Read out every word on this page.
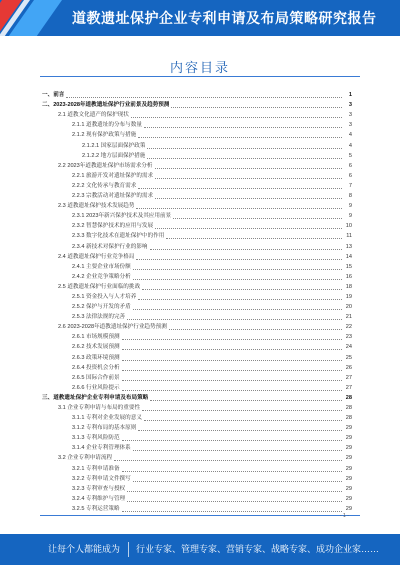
道教遗址保护企业专利申请及布局策略研究报告
内容目录
一、前言	1
二、2023-2028年道教遗址保护行业前景及趋势预测	3
2.1 道教文化遗产的保护现状	3
2.1.1 道教遗址的分布与数量	3
2.1.2 现有保护政策与措施	4
2.1.2.1 国家层面保护政策	4
2.1.2.2 地方层面保护措施	5
2.2 2023年道教遗址保护市场需求分析	6
2.2.1 旅游开发对遗址保护的需求	6
2.2.2 文化传承与教育需求	7
2.2.3 宗教活动对遗址保护的需求	8
2.3 道教遗址保护技术发展趋势	9
2.3.1 2023年新兴保护技术及其应用前景	9
2.3.2 智慧保护技术的应用与发展	10
2.3.3 数字化技术在遗址保护中的作用	11
2.3.4 新技术对保护行业的影响	13
2.4 道教遗址保护行业竞争格局	14
2.4.1 主要企业市场份额	15
2.4.2 企业竞争策略分析	16
2.5 道教遗址保护行业面临的挑战	18
2.5.1 资金投入与人才培养	19
2.5.2 保护与开发的矛盾	20
2.5.3 法律法规的完善	21
2.6 2023-2028年道教遗址保护行业趋势预测	22
2.6.1 市场规模预测	23
2.6.2 技术发展预测	24
2.6.3 政策环境预测	25
2.6.4 投资机会分析	26
2.6.5 国际合作前景	27
2.6.6 行业风险提示	27
三、道教遗址保护企业专利申请及布局策略	28
3.1 企业专利申请与布局的重要性	28
3.1.1 专利对企业发展的意义	28
3.1.2 专利布局的基本原则	29
3.1.3 专利风险防范	29
3.1.4 企业专利管理体系	29
3.2 企业专利申请流程	29
3.2.1 专利申请准备	29
3.2.2 专利申请文件撰写	29
3.2.3 专利审查与授权	29
3.2.4 专利维护与管理	29
3.2.5 专利运营策略	29
- 1 -
让每个人都能成为 行业专家、管理专家、营销专家、战略专家、成功企业家……
